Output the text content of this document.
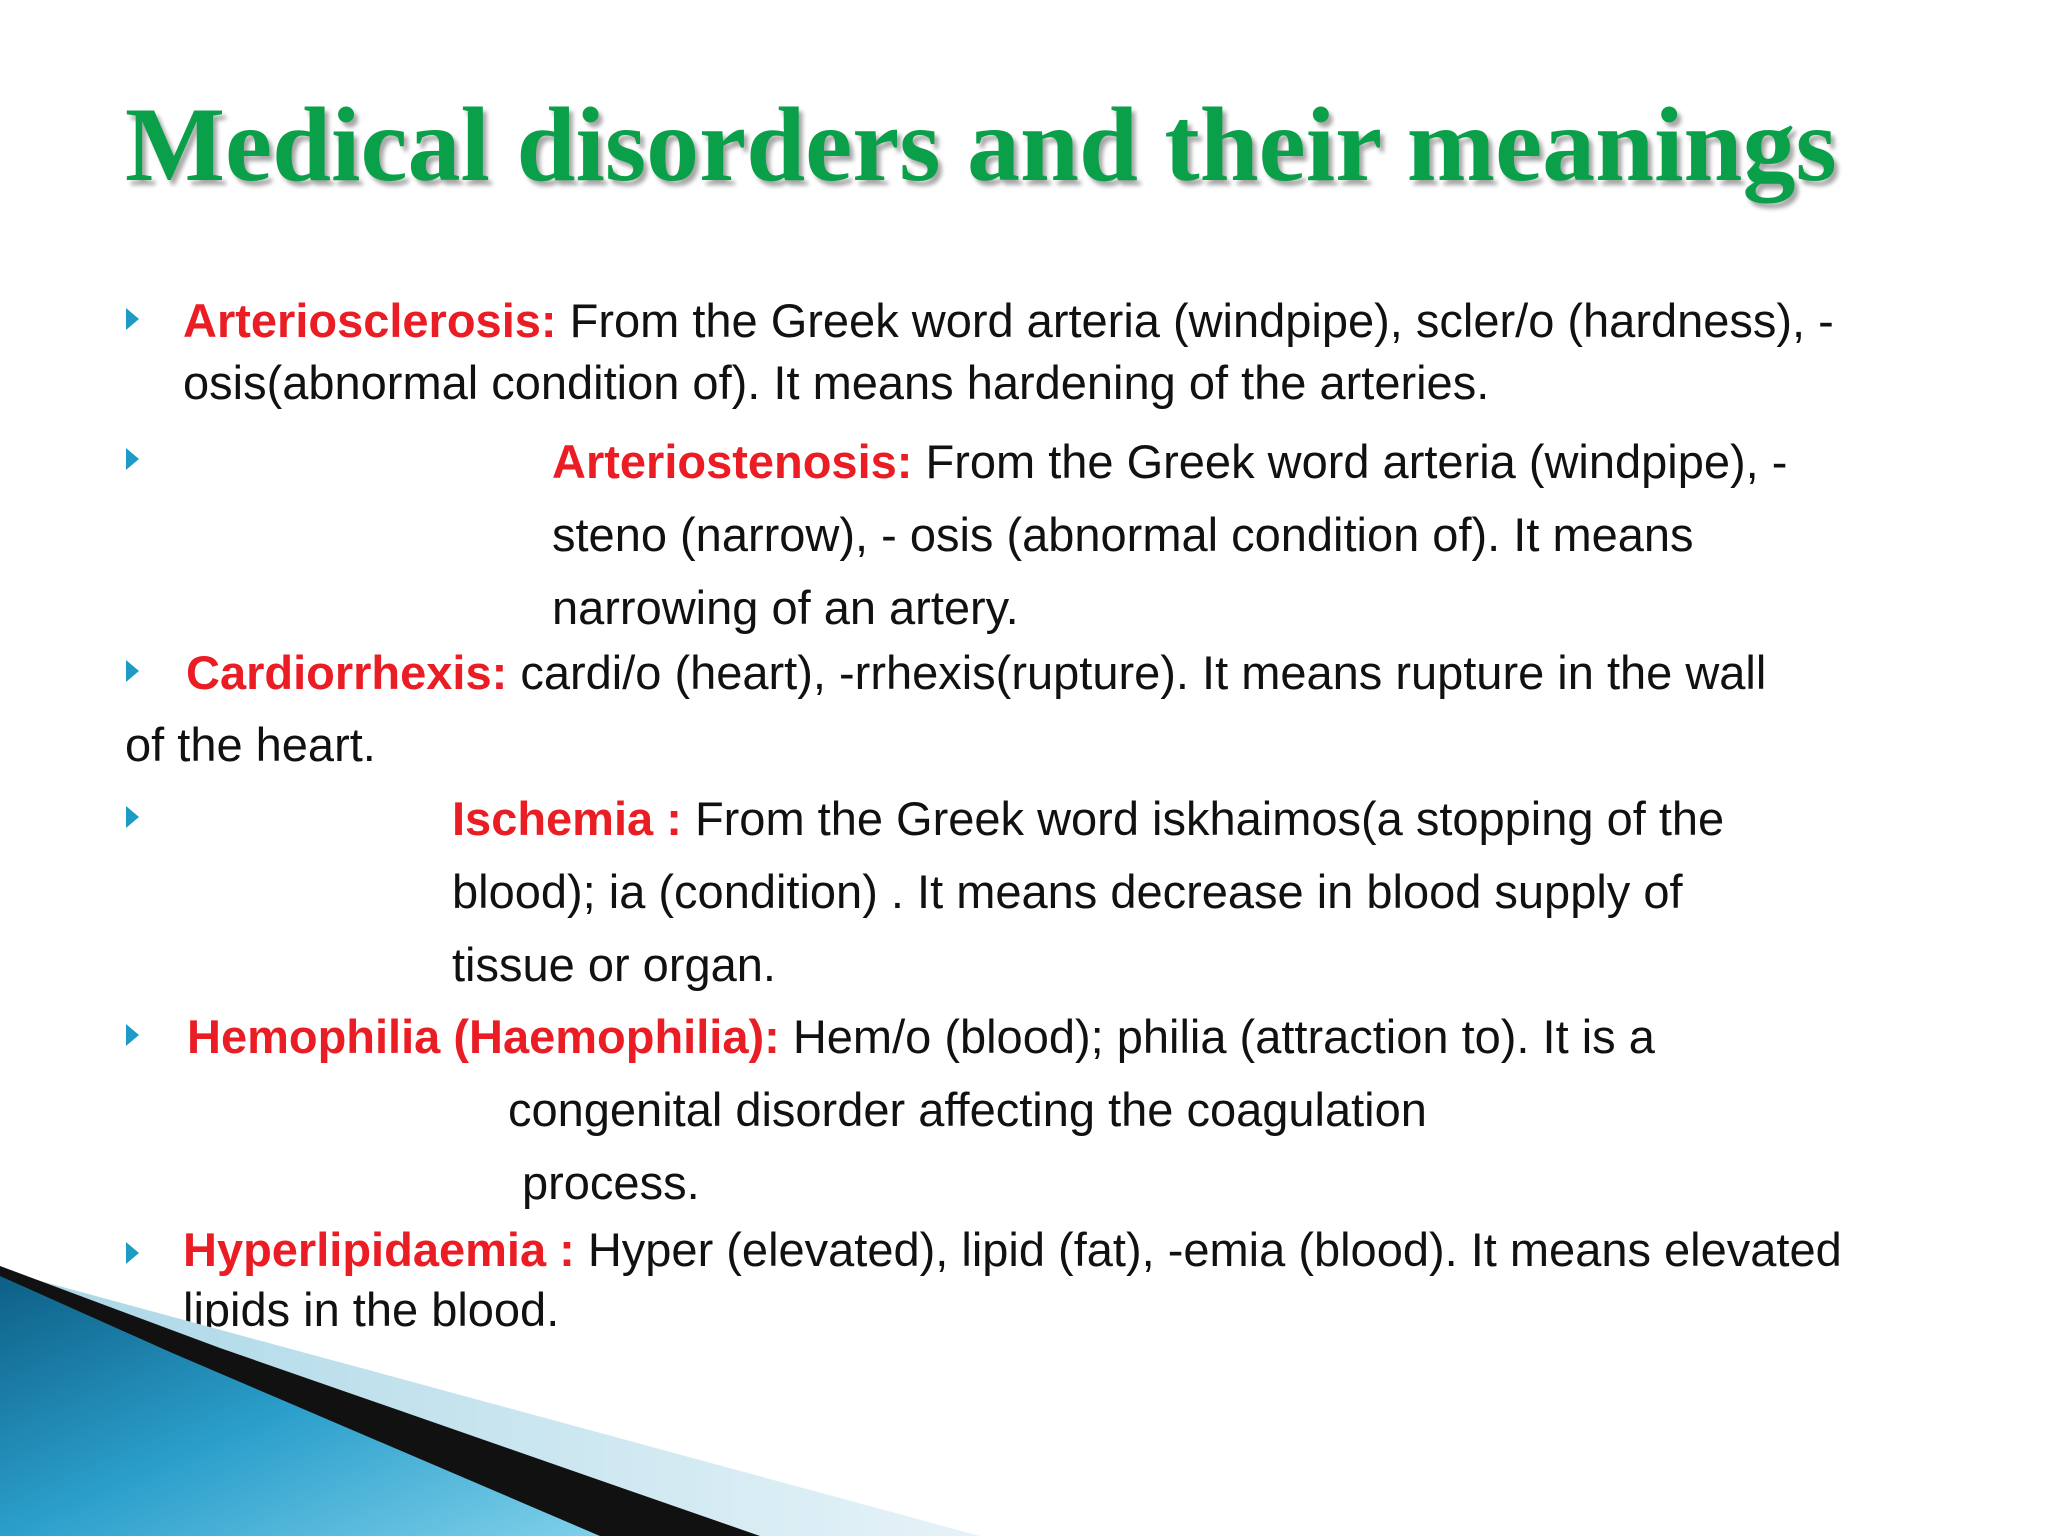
Medical disorders and their meanings

Arteriosclerosis: From the Greek word arteria (windpipe), scler/o (hardness), -
osis(abnormal condition of). It means hardening of the arteries.

Arteriostenosis: From the Greek word arteria (windpipe), -
steno (narrow), - osis (abnormal condition of). It means
narrowing of an artery.

Cardiorrhexis: cardi/o (heart), -rrhexis(rupture). It means rupture in the wall

of the heart.

Ischemia : From the Greek word iskhaimos(a stopping of the
blood); ia (condition) . It means decrease in blood supply of
tissue or organ.

Hemophilia (Haemophilia): Hem/o (blood); philia (attraction to). It is a

congenital disorder affecting the coagulation

process.

Hyperlipidaemia : Hyper (elevated), lipid (fat), -emia (blood). It means elevated
lipids in the blood.
